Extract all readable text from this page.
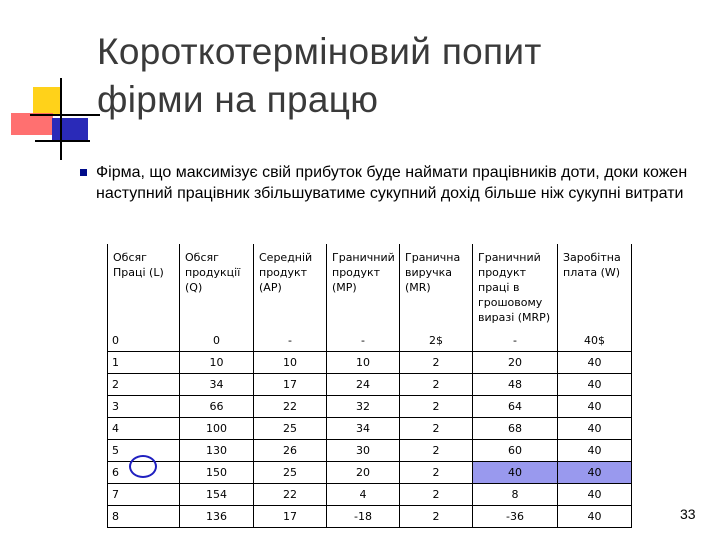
Короткотерміновий попит
фірми на працю
Фірма, що максимізує свій прибуток буде наймати працівників доти, доки кожен наступний працівник збільшуватиме сукупний дохід більше ніж сукупні витрати
Обсяг Праці (L)	Обсяг продукції (Q)	Середній продукт (AP)	Граничний продукт (MP)	Гранична виручка (MR)	Граничний продукт праці в грошовому виразі (MRP)	Заробітна плата (W)
0	0	-	-	2$	-	40$
1	10	10	10	2	20	40
2	34	17	24	2	48	40
3	66	22	32	2	64	40
4	100	25	34	2	68	40
5	130	26	30	2	60	40
6	150	25	20	2	40	40
7	154	22	4	2	8	40
8	136	17	-18	2	-36	40	33
